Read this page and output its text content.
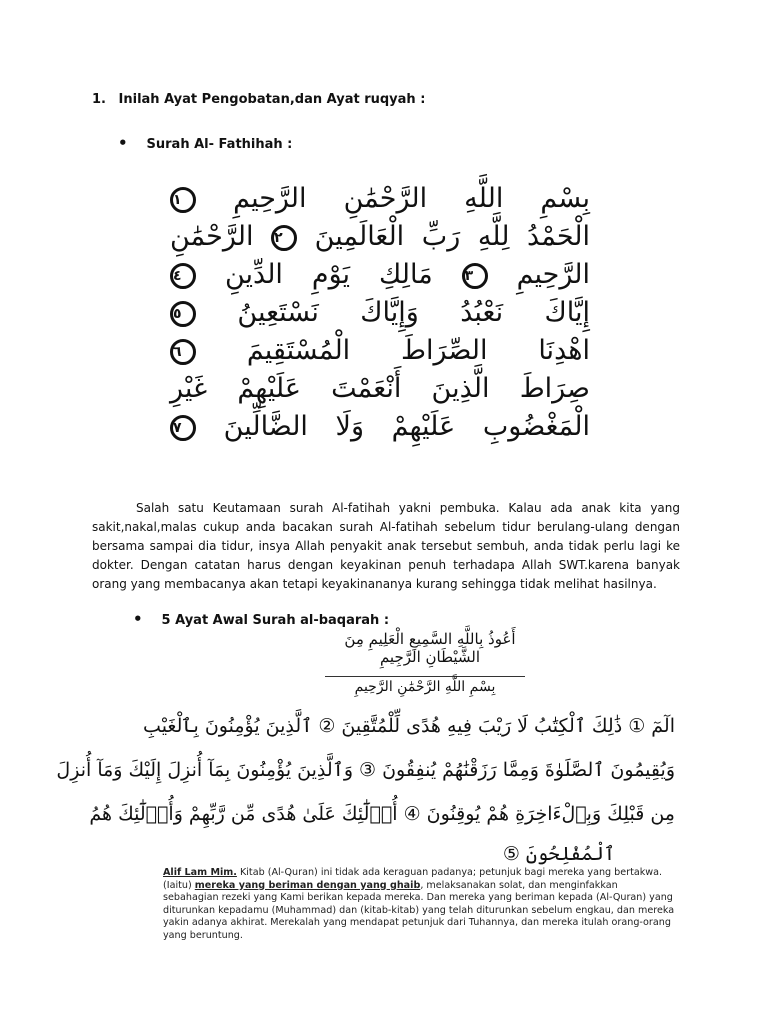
1. Inilah Ayat Pengobatan,dan Ayat ruqyah :
• Surah Al- Fathihah :
بِسْمِ اللَّهِ الرَّحْمَٰنِ الرَّحِيمِ ١
الْحَمْدُ لِلَّهِ رَبِّ الْعَالَمِينَ ٢ الرَّحْمَٰنِ
الرَّحِيمِ ٣ مَالِكِ يَوْمِ الدِّينِ ٤
إِيَّاكَ نَعْبُدُ وَإِيَّاكَ نَسْتَعِينُ ٥
اهْدِنَا الصِّرَاطَ الْمُسْتَقِيمَ ٦
صِرَاطَ الَّذِينَ أَنْعَمْتَ عَلَيْهِمْ غَيْرِ
الْمَغْضُوبِ عَلَيْهِمْ وَلَا الضَّالِّينَ ٧
Salah satu Keutamaan surah Al-fatihah yakni pembuka. Kalau ada anak kita yang sakit,nakal,malas cukup anda bacakan surah Al-fatihah sebelum tidur berulang-ulang dengan bersama sampai dia tidur, insya Allah penyakit anak tersebut sembuh, anda tidak perlu lagi ke dokter. Dengan catatan harus dengan keyakinan penuh terhadapa Allah SWT.karena banyak orang yang membacanya akan tetapi keyakinananya kurang sehingga tidak melihat hasilnya.
• 5 Ayat Awal Surah al-baqarah :
أَعُوذُ بِاللَّهِ السَّمِيعِ الْعَلِيمِ مِنَ الشَّيْطَانِ الرَّجِيمِ
بِسْمِ اللَّهِ الرَّحْمَٰنِ الرَّحِيمِ
الٓمٓ ① ذَٰلِكَ ٱلْكِتَٰبُ لَا رَيْبَ فِيهِ هُدًى لِّلْمُتَّقِينَ ② ٱلَّذِينَ يُؤْمِنُونَ بِٱلْغَيْبِ
وَيُقِيمُونَ ٱلصَّلَوٰةَ وَمِمَّا رَزَقْنَٰهُمْ يُنفِقُونَ ③ وَٱلَّذِينَ يُؤْمِنُونَ بِمَآ أُنزِلَ إِلَيْكَ وَمَآ أُنزِلَ
مِن قَبْلِكَ وَبِٱلْءَاخِرَةِ هُمْ يُوقِنُونَ ④ أُو۟لَٰٓئِكَ عَلَىٰ هُدًى مِّن رَّبِّهِمْ وَأُو۟لَٰٓئِكَ هُمُ
ٱلْمُفْلِحُونَ ⑤
Alif Lam Mim. Kitab (Al-Quran) ini tidak ada keraguan padanya; petunjuk bagi mereka yang bertakwa. (Iaitu) mereka yang beriman dengan yang ghaib, melaksanakan solat, dan menginfakkan sebahagian rezeki yang Kami berikan kepada mereka. Dan mereka yang beriman kepada (Al-Quran) yang diturunkan kepadamu (Muhammad) dan (kitab-kitab) yang telah diturunkan sebelum engkau, dan mereka yakin adanya akhirat. Merekalah yang mendapat petunjuk dari Tuhannya, dan mereka itulah orang-orang yang beruntung.
